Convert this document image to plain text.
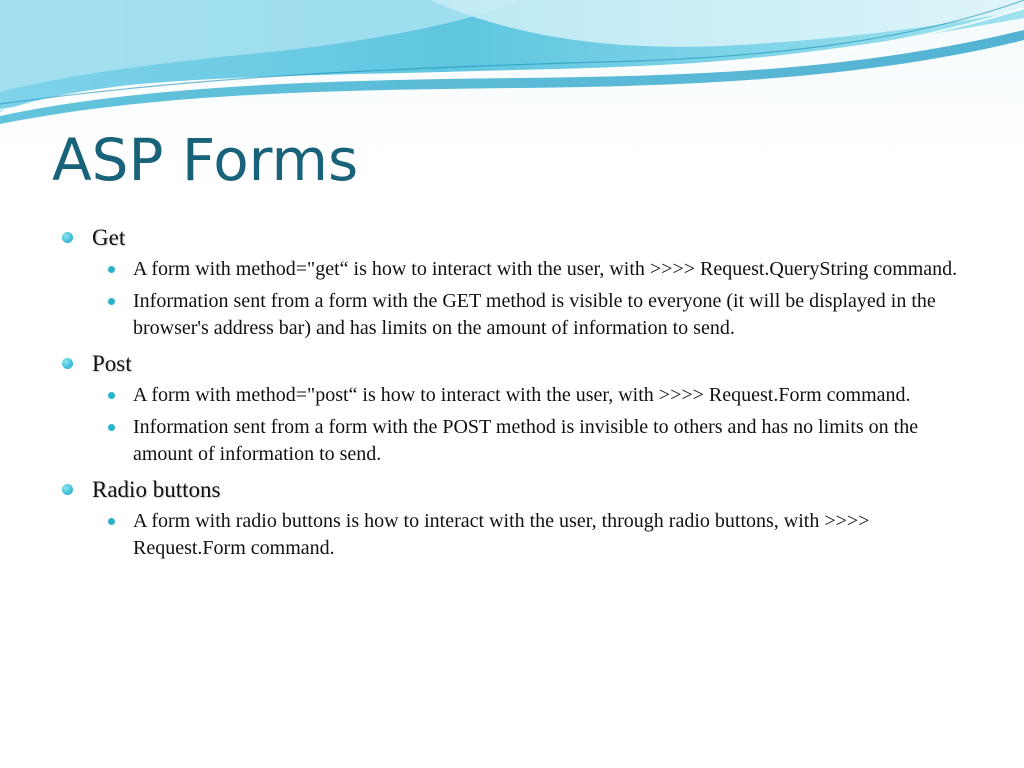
ASP Forms
Get
A form with method="get“ is how to interact with the user, with >>>> Request.QueryString command.
Information sent from a form with the GET method is visible to everyone (it will be displayed in the browser's address bar) and has limits on the amount of information to send.
Post
A form with method="post“ is how to interact with the user, with >>>> Request.Form command.
Information sent from a form with the POST method is invisible to others and has no limits on the amount of information to send.
Radio buttons
A form with radio buttons is how to interact with the user, through radio buttons, with >>>> Request.Form command.
